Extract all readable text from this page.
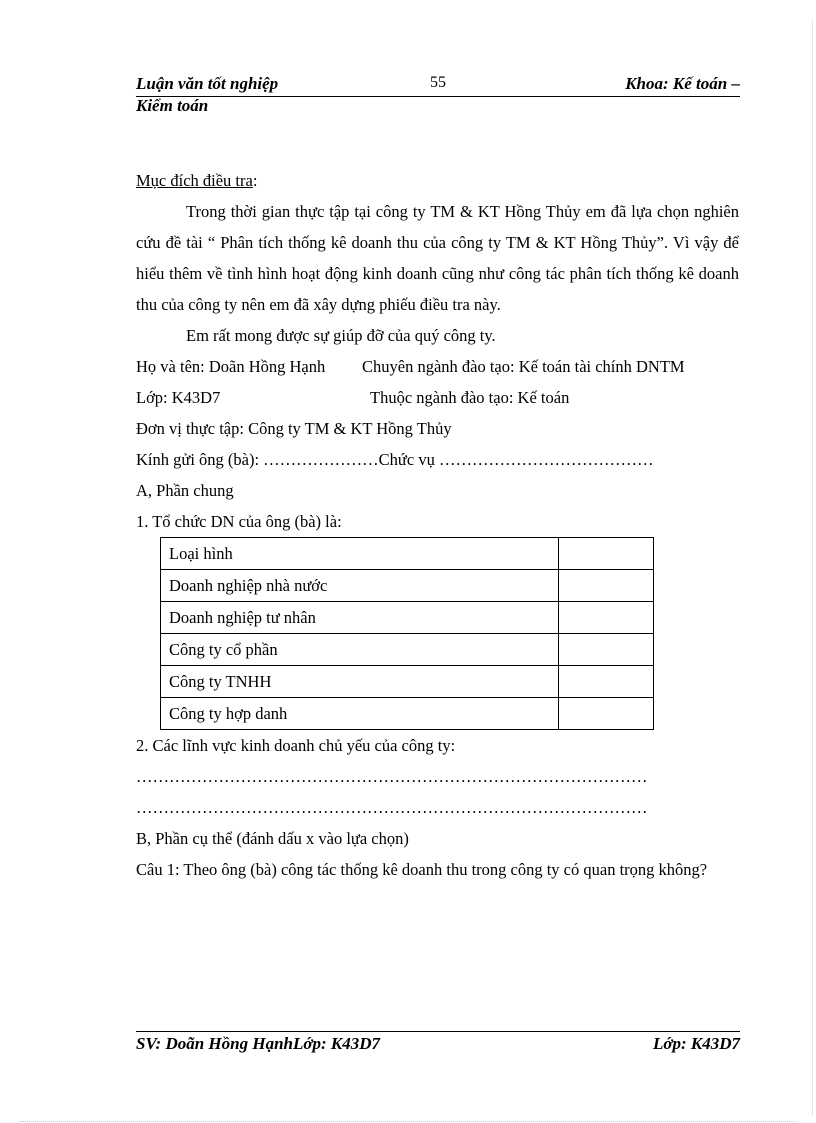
Luận văn tốt nghiệp	55	Khoa: Kế toán –
Kiểm toán

Mục đích điều tra:

Trong thời gian thực tập tại công ty TM & KT Hồng Thủy em đã lựa chọn nghiên cứu đề tài “ Phân tích thống kê doanh thu của công ty TM & KT Hồng Thủy”. Vì vậy để hiểu thêm về tình hình hoạt động kinh doanh cũng như công tác phân tích thống kê doanh thu của công ty nên em đã xây dựng phiếu điều tra này.

Em rất mong được sự giúp đỡ của quý công ty.

Họ và tên: Doãn Hồng Hạnh Chuyên ngành đào tạo: Kế toán tài chính DNTM

Lớp: K43D7	Thuộc ngành đào tạo: Kế toán

Đơn vị thực tập: Công ty TM & KT Hồng Thủy

Kính gửi ông (bà): …………………Chức vụ …………………………………

A, Phần chung

1. Tổ chức DN của ông (bà) là:

Loại hình	
Doanh nghiệp nhà nước	
Doanh nghiệp tư nhân	
Công ty cổ phần	
Công ty TNHH	
Công ty hợp danh	

2. Các lĩnh vực kinh doanh chủ yếu của công ty:

…………………………………………………………………………………

…………………………………………………………………………………

B, Phần cụ thể (đánh dấu x vào lựa chọn)

Câu 1: Theo ông (bà) công tác thống kê doanh thu trong công ty có quan trọng không?

SV: Doãn Hồng HạnhLớp: K43D7	Lớp: K43D7
